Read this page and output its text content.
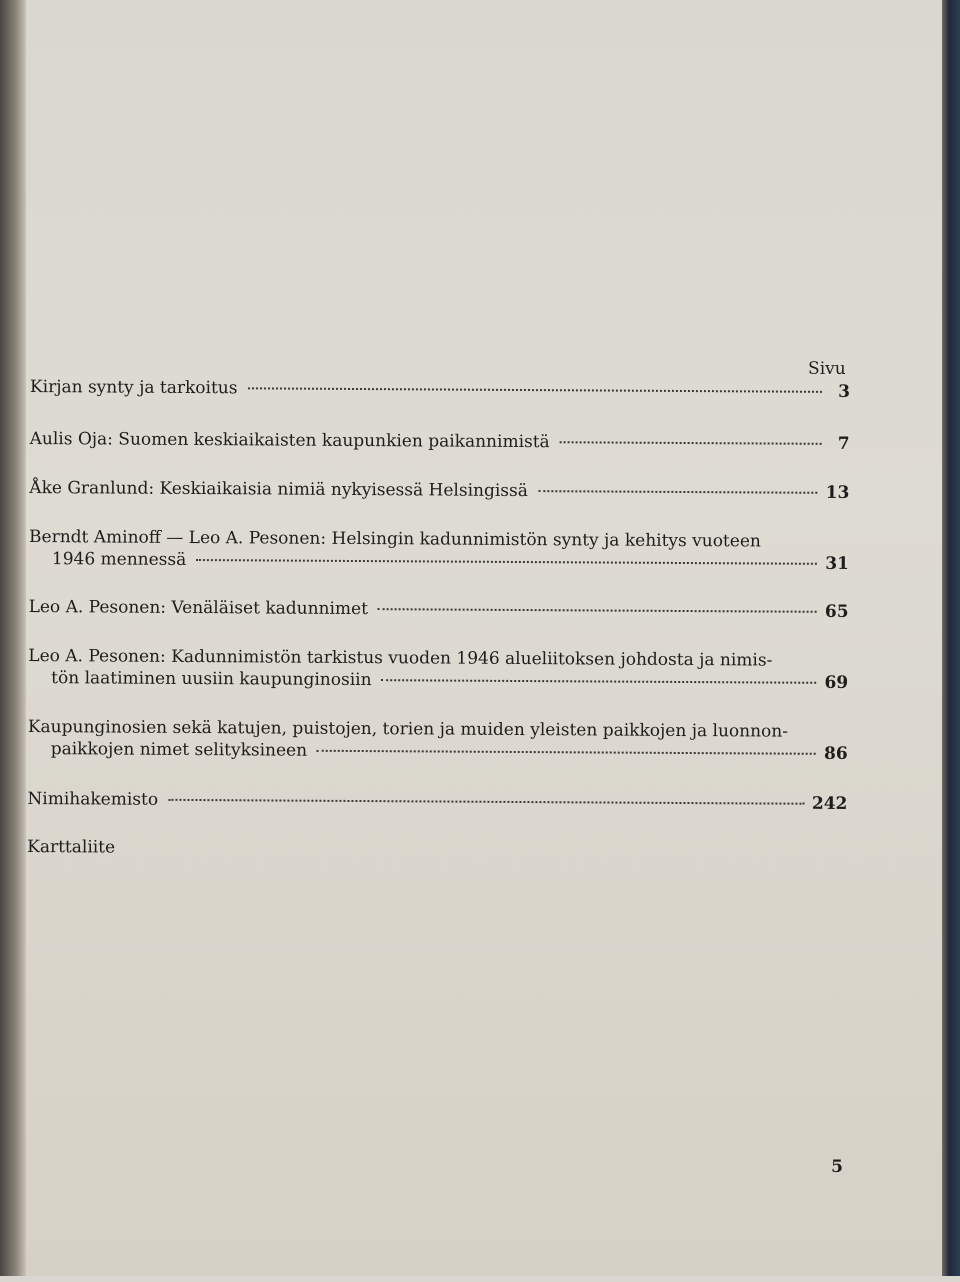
Sivu
Kirjan synty ja tarkoitus	3
Aulis Oja: Suomen keskiaikaisten kaupunkien paikannimistä	7
Åke Granlund: Keskiaikaisia nimiä nykyisessä Helsingissä	13
Berndt Aminoff — Leo A. Pesonen: Helsingin kadunnimistön synty ja kehitys vuoteen
1946 mennessä	31
Leo A. Pesonen: Venäläiset kadunnimet	65
Leo A. Pesonen: Kadunnimistön tarkistus vuoden 1946 alueliitoksen johdosta ja nimis-
tön laatiminen uusiin kaupunginosiin	69
Kaupunginosien sekä katujen, puistojen, torien ja muiden yleisten paikkojen ja luonnon-
paikkojen nimet selityksineen	86
Nimihakemisto	242
Karttaliite
5
